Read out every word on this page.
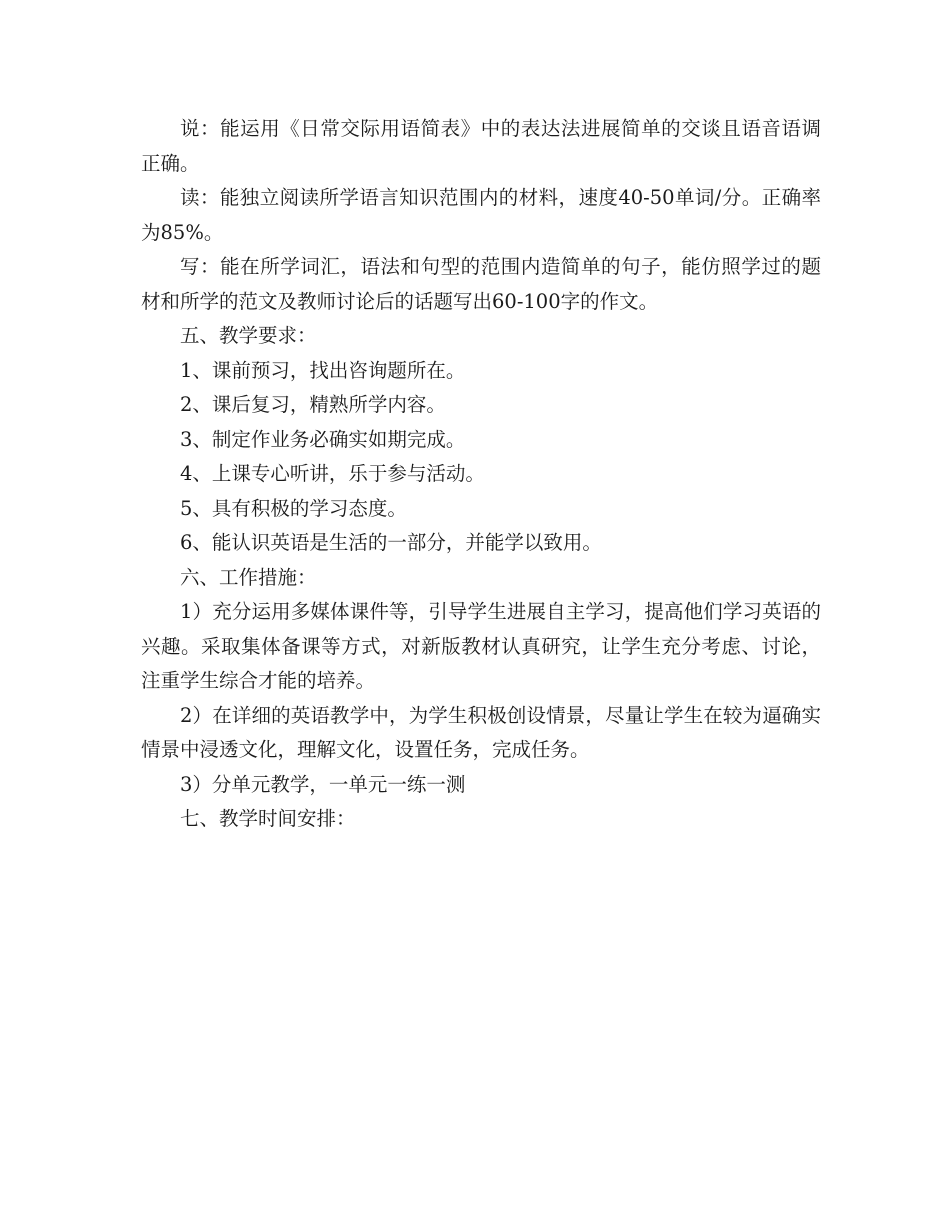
说：能运用《日常交际用语简表》中的表达法进展简单的交谈且语音语调正确。

读：能独立阅读所学语言知识范围内的材料，速度40-50单词/分。正确率为85%。

写：能在所学词汇，语法和句型的范围内造简单的句子，能仿照学过的题材和所学的范文及教师讨论后的话题写出60-100字的作文。

五、教学要求：

1、课前预习，找出咨询题所在。

2、课后复习，精熟所学内容。

3、制定作业务必确实如期完成。

4、上课专心听讲，乐于参与活动。

5、具有积极的学习态度。

6、能认识英语是生活的一部分，并能学以致用。

六、工作措施：

1）充分运用多媒体课件等，引导学生进展自主学习，提高他们学习英语的兴趣。采取集体备课等方式，对新版教材认真研究，让学生充分考虑、讨论，注重学生综合才能的培养。

2）在详细的英语教学中，为学生积极创设情景，尽量让学生在较为逼确实情景中浸透文化，理解文化，设置任务，完成任务。

3）分单元教学，一单元一练一测

七、教学时间安排：
